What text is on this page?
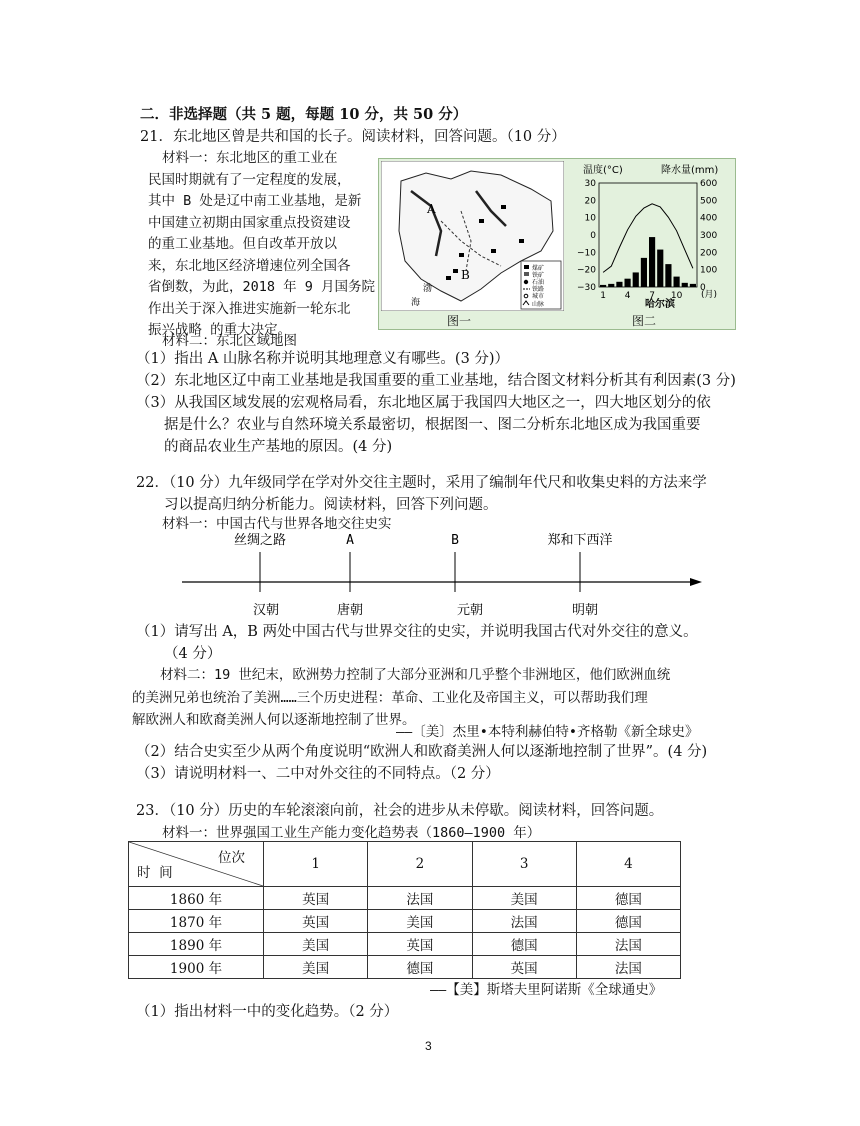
二．非选择题（共 5 题，每题 10 分，共 50 分）
21．东北地区曾是共和国的长子。阅读材料，回答问题。（10 分）
材料一：东北地区的重工业在
民国时期就有了一定程度的发展，
其中 B 处是辽中南工业基地，是新
中国建立初期由国家重点投资建设
的重工业基地。但自改革开放以
来，东北地区经济增速位列全国各
省倒数，为此，2018 年 9 月国务院
作出关于深入推进实施新一轮东北
振兴战略 的重大决定。
材料二：东北区域地图
A
B
渤
海
煤矿
铁矿
石油
铁路
城市
山脉
温度(°C)	降水量(mm)
30
20
10
0
−10
−20
−30
600
500
400
300
200
100
0
1 4 7 10
哈尔滨
(月)
图一	图二
（1）指出 A 山脉名称并说明其地理意义有哪些。(3 分)）
（2）东北地区辽中南工业基地是我国重要的重工业基地，结合图文材料分析其有利因素(3 分)
（3）从我国区域发展的宏观格局看，东北地区属于我国四大地区之一，四大地区划分的依
据是什么？农业与自然环境关系最密切，根据图一、图二分析东北地区成为我国重要
的商品农业生产基地的原因。(4 分)
22．（10 分）九年级同学在学对外交往主题时，采用了编制年代尺和收集史料的方法来学
习以提高归纳分析能力。阅读材料，回答下列问题。
材料一：中国古代与世界各地交往史实
丝绸之路	A	B	郑和下西洋
汉朝	唐朝	元朝	明朝
（1）请写出 A，B 两处中国古代与世界交往的史实，并说明我国古代对外交往的意义。
（4 分）
材料二：19 世纪末，欧洲势力控制了大部分亚洲和几乎整个非洲地区，他们欧洲血统
的美洲兄弟也统治了美洲……三个历史进程：革命、工业化及帝国主义，可以帮助我们理
解欧洲人和欧裔美洲人何以逐渐地控制了世界。
——〔美〕杰里•本特利赫伯特•齐格勒《新全球史》
（2）结合史实至少从两个角度说明“欧洲人和欧裔美洲人何以逐渐地控制了世界”。(4 分)
（3）请说明材料一、二中对外交往的不同特点。（2 分）
23．（10 分）历史的车轮滚滚向前，社会的进步从未停歇。阅读材料，回答问题。
材料一：世界强国工业生产能力变化趋势表（1860—1900 年）
位次
时  间	1	2	3	4
1860 年	英国	法国	美国	德国
1870 年	英国	美国	法国	德国
1890 年	美国	英国	德国	法国
1900 年	美国	德国	英国	法国
——【美】斯塔夫里阿诺斯《全球通史》
（1）指出材料一中的变化趋势。（2 分）
3
